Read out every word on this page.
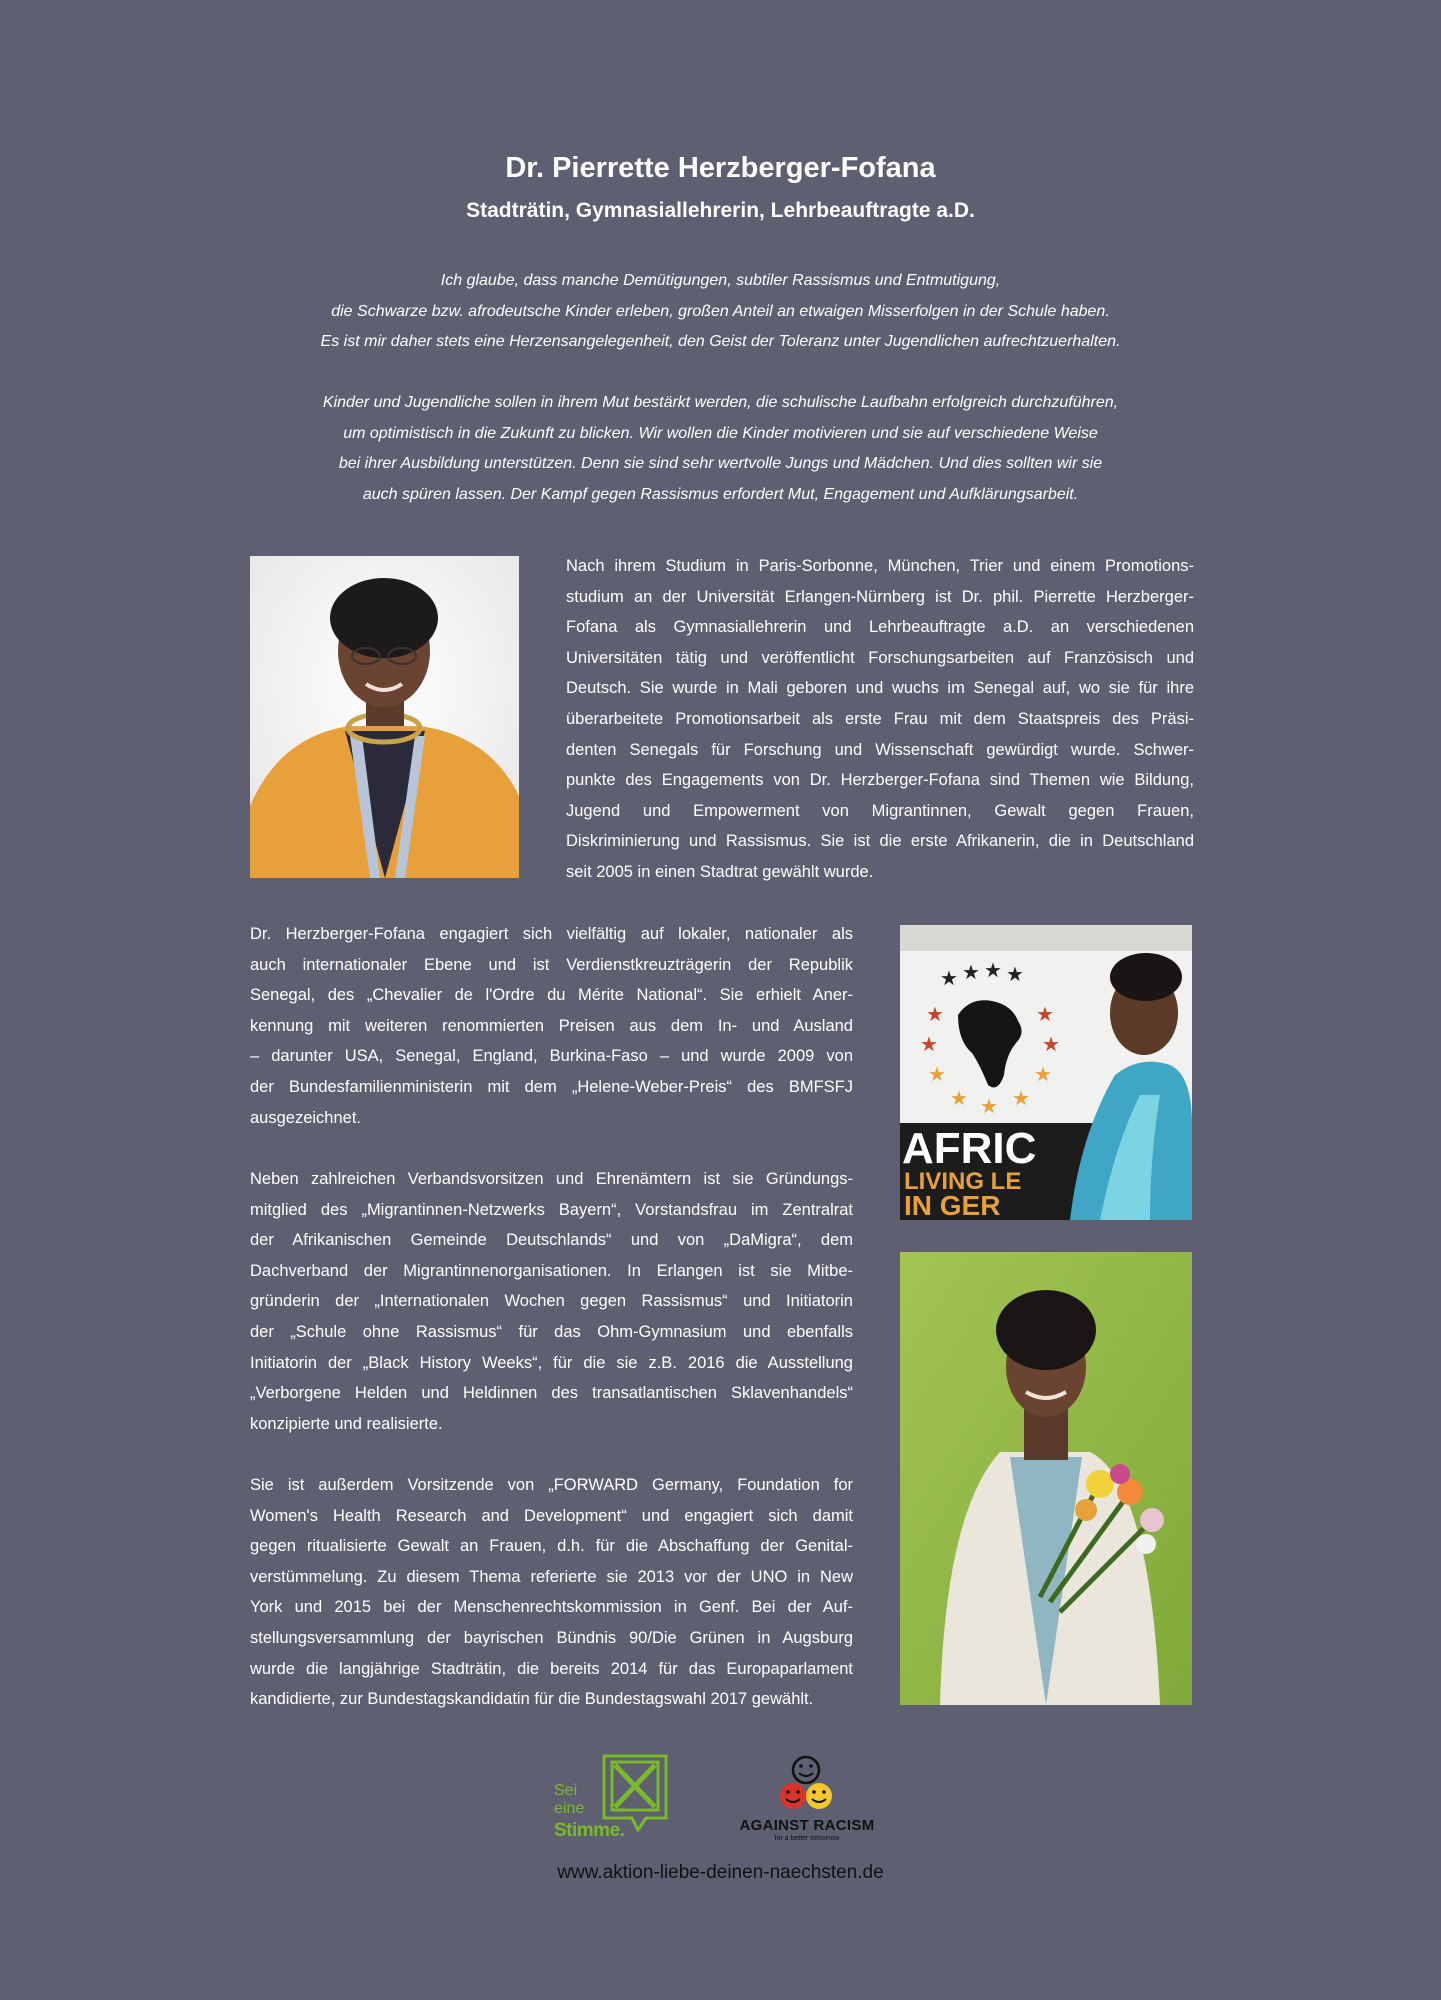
Dr. Pierrette Herzberger-Fofana
Stadträtin, Gymnasiallehrerin, Lehrbeauftragte a.D.

Ich glaube, dass manche Demütigungen, subtiler Rassismus und Entmutigung,
die Schwarze bzw. afrodeutsche Kinder erleben, großen Anteil an etwaigen Misserfolgen in der Schule haben.
Es ist mir daher stets eine Herzensangelegenheit, den Geist der Toleranz unter Jugendlichen aufrechtzuerhalten.

Kinder und Jugendliche sollen in ihrem Mut bestärkt werden, die schulische Laufbahn erfolgreich durchzuführen,
um optimistisch in die Zukunft zu blicken. Wir wollen die Kinder motivieren und sie auf verschiedene Weise
bei ihrer Ausbildung unterstützen. Denn sie sind sehr wertvolle Jungs und Mädchen. Und dies sollten wir sie
auch spüren lassen. Der Kampf gegen Rassismus erfordert Mut, Engagement und Aufklärungsarbeit.

Nach ihrem Studium in Paris-Sorbonne, München, Trier und einem Promotions-
studium an der Universität Erlangen-Nürnberg ist Dr. phil. Pierrette Herzberger-
Fofana als Gymnasiallehrerin und Lehrbeauftragte a.D. an verschiedenen
Universitäten tätig und veröffentlicht Forschungsarbeiten auf Französisch und
Deutsch. Sie wurde in Mali geboren und wuchs im Senegal auf, wo sie für ihre
überarbeitete Promotionsarbeit als erste Frau mit dem Staatspreis des Präsi-
denten Senegals für Forschung und Wissenschaft gewürdigt wurde. Schwer-
punkte des Engagements von Dr. Herzberger-Fofana sind Themen wie Bildung,
Jugend und Empowerment von Migrantinnen, Gewalt gegen Frauen,
Diskriminierung und Rassismus. Sie ist die erste Afrikanerin, die in Deutschland
seit 2005 in einen Stadtrat gewählt wurde.

Dr. Herzberger-Fofana engagiert sich vielfältig auf lokaler, nationaler als
auch internationaler Ebene und ist Verdienstkreuzträgerin der Republik
Senegal, des „Chevalier de l'Ordre du Mérite National“. Sie erhielt Aner-
kennung mit weiteren renommierten Preisen aus dem In- und Ausland
– darunter USA, Senegal, England, Burkina-Faso – und wurde 2009 von
der Bundesfamilienministerin mit dem „Helene-Weber-Preis“ des BMFSFJ
ausgezeichnet.

Neben zahlreichen Verbandsvorsitzen und Ehrenämtern ist sie Gründungs-
mitglied des „Migrantinnen-Netzwerks Bayern“, Vorstandsfrau im Zentralrat
der Afrikanischen Gemeinde Deutschlands“ und von „DaMigra“, dem
Dachverband der Migrantinnenorganisationen. In Erlangen ist sie Mitbe-
gründerin der „Internationalen Wochen gegen Rassismus“ und Initiatorin
der „Schule ohne Rassismus“ für das Ohm-Gymnasium und ebenfalls
Initiatorin der „Black History Weeks“, für die sie z.B. 2016 die Ausstellung
„Verborgene Helden und Heldinnen des transatlantischen Sklavenhandels“
konzipierte und realisierte.

Sie ist außerdem Vorsitzende von „FORWARD Germany, Foundation for
Women's Health Research and Development“ und engagiert sich damit
gegen ritualisierte Gewalt an Frauen, d.h. für die Abschaffung der Genital-
verstümmelung. Zu diesem Thema referierte sie 2013 vor der UNO in New
York und 2015 bei der Menschenrechtskommission in Genf. Bei der Auf-
stellungsversammlung der bayrischen Bündnis 90/Die Grünen in Augsburg
wurde die langjährige Stadträtin, die bereits 2014 für das Europaparlament
kandidierte, zur Bundestagskandidatin für die Bundestagswahl 2017 gewählt.

★ ★ ★ ★
★
★
★
★ ★ ★
★
★
★
AFRIC
LIVING LE
IN GER
Sei
eine
Stimme.	AGAINST RACISM
for a better tomorrow
www.aktion-liebe-deinen-naechsten.de
